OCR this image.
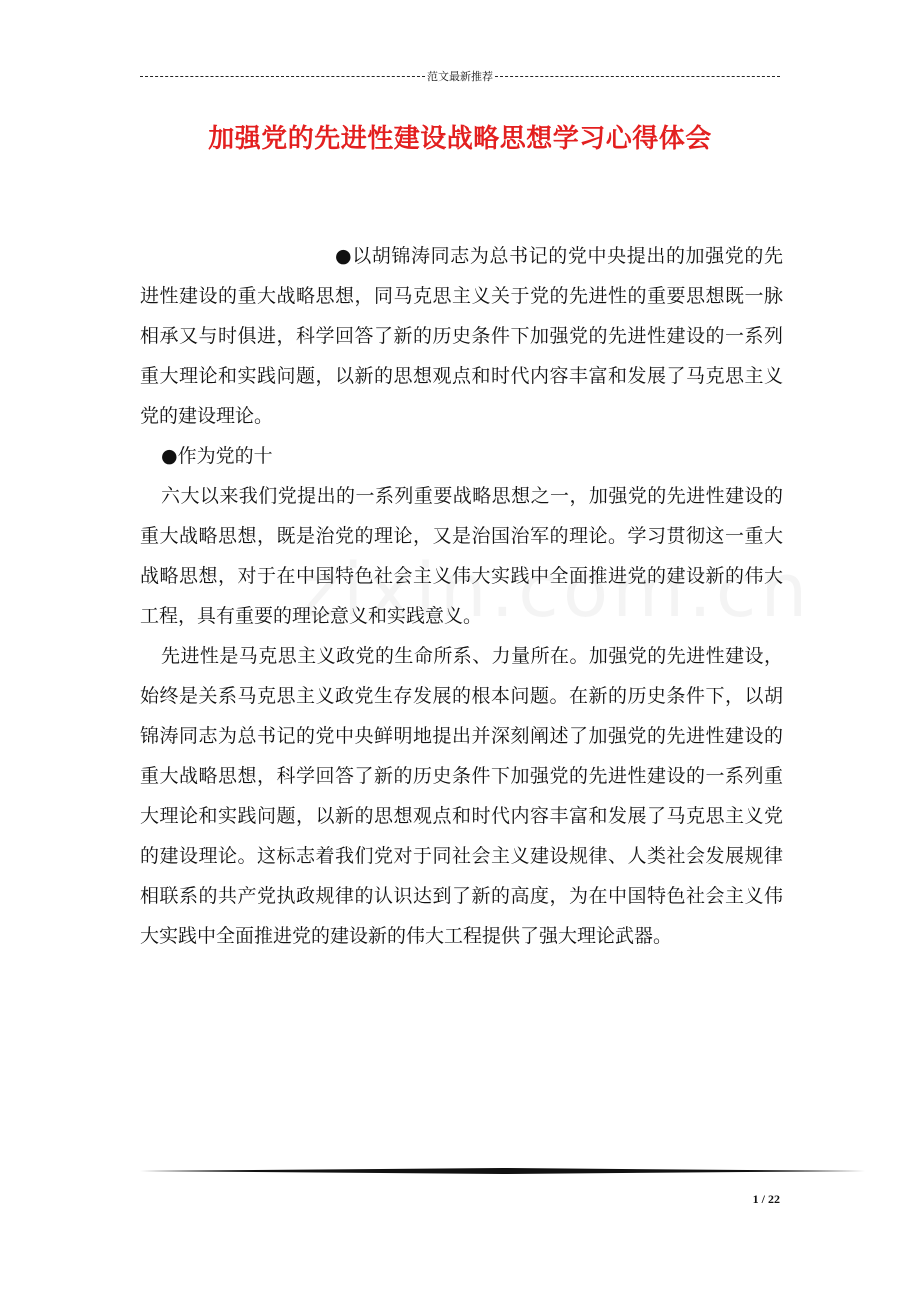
范文最新推荐
加强党的先进性建设战略思想学习心得体会

●以胡锦涛同志为总书记的党中央提出的加强党的先进性建设的重大战略思想，同马克思主义关于党的先进性的重要思想既一脉相承又与时俱进，科学回答了新的历史条件下加强党的先进性建设的一系列重大理论和实践问题，以新的思想观点和时代内容丰富和发展了马克思主义党的建设理论。

●作为党的十

六大以来我们党提出的一系列重要战略思想之一，加强党的先进性建设的重大战略思想，既是治党的理论，又是治国治军的理论。学习贯彻这一重大战略思想，对于在中国特色社会主义伟大实践中全面推进党的建设新的伟大工程，具有重要的理论意义和实践意义。

先进性是马克思主义政党的生命所系、力量所在。加强党的先进性建设，始终是关系马克思主义政党生存发展的根本问题。在新的历史条件下，以胡锦涛同志为总书记的党中央鲜明地提出并深刻阐述了加强党的先进性建设的重大战略思想，科学回答了新的历史条件下加强党的先进性建设的一系列重大理论和实践问题，以新的思想观点和时代内容丰富和发展了马克思主义党的建设理论。这标志着我们党对于同社会主义建设规律、人类社会发展规律相联系的共产党执政规律的认识达到了新的高度，为在中国特色社会主义伟大实践中全面推进党的建设新的伟大工程提供了强大理论武器。

1 / 22
